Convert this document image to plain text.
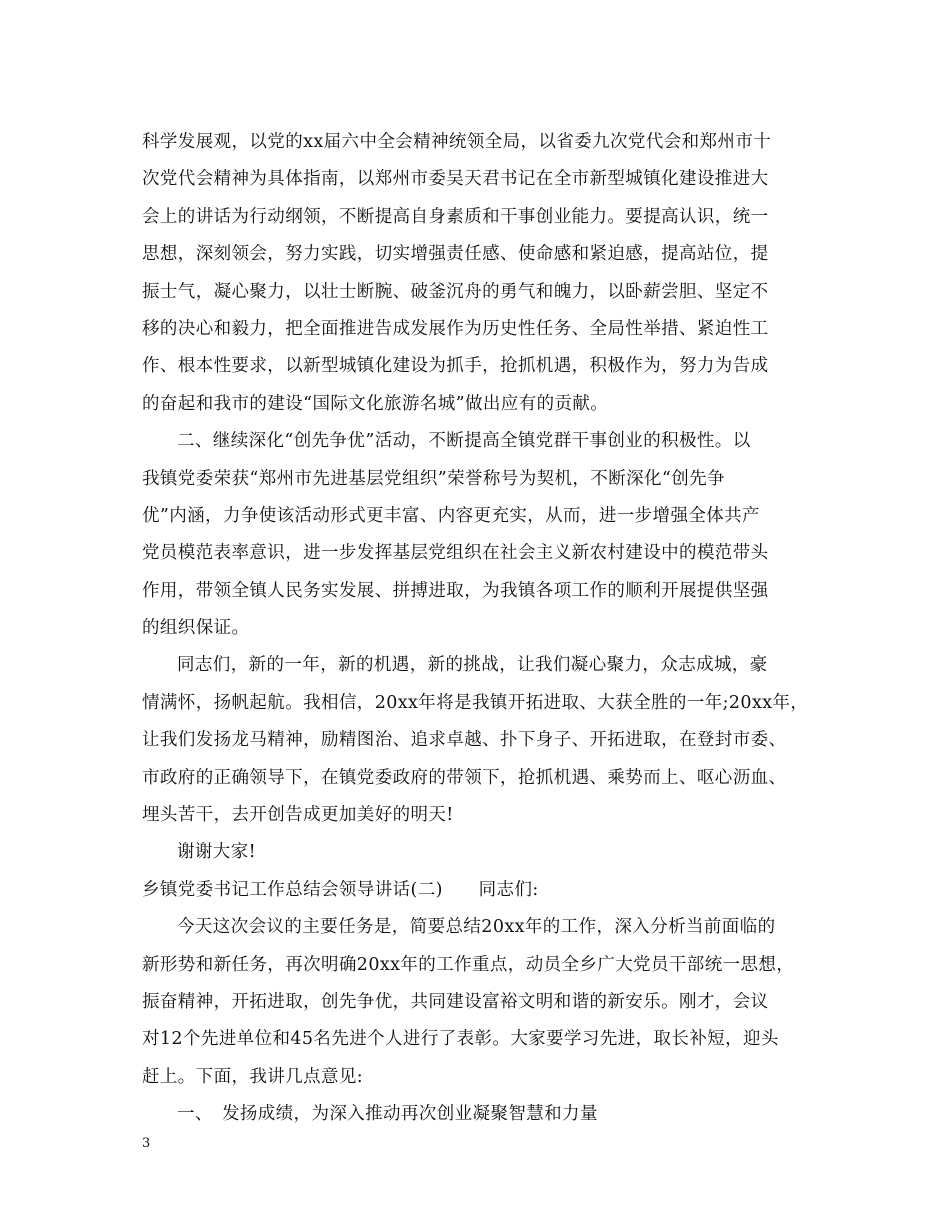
科学发展观，以党的xx届六中全会精神统领全局，以省委九次党代会和郑州市十
次党代会精神为具体指南，以郑州市委吴天君书记在全市新型城镇化建设推进大
会上的讲话为行动纲领，不断提高自身素质和干事创业能力。要提高认识，统一
思想，深刻领会，努力实践，切实增强责任感、使命感和紧迫感，提高站位，提
振士气，凝心聚力，以壮士断腕、破釜沉舟的勇气和魄力，以卧薪尝胆、坚定不
移的决心和毅力，把全面推进告成发展作为历史性任务、全局性举措、紧迫性工
作、根本性要求，以新型城镇化建设为抓手，抢抓机遇，积极作为，努力为告成
的奋起和我市的建设“国际文化旅游名城”做出应有的贡献。
二、继续深化“创先争优”活动，不断提高全镇党群干事创业的积极性。以
我镇党委荣获“郑州市先进基层党组织”荣誉称号为契机，不断深化“创先争
优”内涵，力争使该活动形式更丰富、内容更充实，从而，进一步增强全体共产
党员模范表率意识，进一步发挥基层党组织在社会主义新农村建设中的模范带头
作用，带领全镇人民务实发展、拼搏进取，为我镇各项工作的顺利开展提供坚强
的组织保证。
同志们，新的一年，新的机遇，新的挑战，让我们凝心聚力，众志成城，豪
情满怀，扬帆起航。我相信，20xx年将是我镇开拓进取、大获全胜的一年;20xx年，
让我们发扬龙马精神，励精图治、追求卓越、扑下身子、开拓进取，在登封市委、
市政府的正确领导下，在镇党委政府的带领下，抢抓机遇、乘势而上、呕心沥血、
埋头苦干，去开创告成更加美好的明天!
谢谢大家!
乡镇党委书记工作总结会领导讲话(二)　　同志们:
今天这次会议的主要任务是，简要总结20xx年的工作，深入分析当前面临的
新形势和新任务，再次明确20xx年的工作重点，动员全乡广大党员干部统一思想，
振奋精神，开拓进取，创先争优，共同建设富裕文明和谐的新安乐。刚才，会议
对12个先进单位和45名先进个人进行了表彰。大家要学习先进，取长补短，迎头
赶上。下面，我讲几点意见:
一、　发扬成绩，为深入推动再次创业凝聚智慧和力量
3
